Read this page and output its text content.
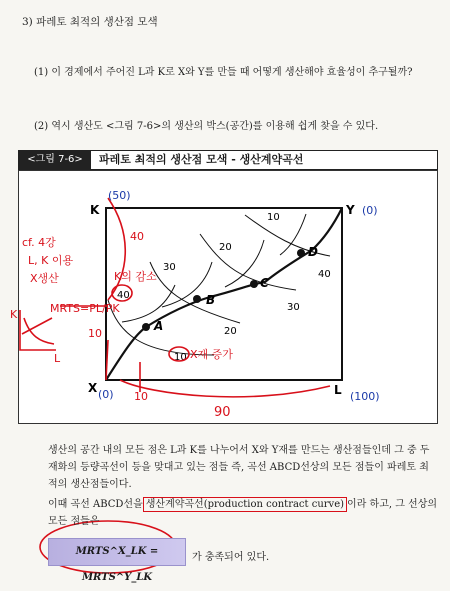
3) 파레토 최적의 생산점 모색
(1) 이 경제에서 주어진 L과 K로 X와 Y를 만들 때 어떻게 생산해야 효율성이 추구될까?
(2) 역시 생산도 <그림 7-6>의 생산의 박스(공간)를 이용해 쉽게 찾을 수 있다.
<그림 7-6>	파레토 최적의 생산점 모색 - 생산계약곡선
A
B
C
D
10
20
30
40
10
20
30
40
K	Y
X	L
(50)
(0)
(0)	(100)
cf. 4강
L, K 이용
X생산	K의 감소
40
10
10
90
X재 증가
MRTS=PL/PK
K
L
생산의 공간 내의 모든 점은 L과 K를 나누어서 X와 Y재를 만드는 생산점들인데 그 중 두 재화의 등량곡선이 등을 맞대고 있는 점들 즉, 곡선 ABCD선상의 모든 점들이 파레토 최적의 생산점들이다.
이때 곡선 ABCD선을 생산계약곡선(production contract curve) 이라 하고, 그 선상의 모든 점들은
MRTS^X_LK = MRTS^Y_LK
가 충족되어 있다.
